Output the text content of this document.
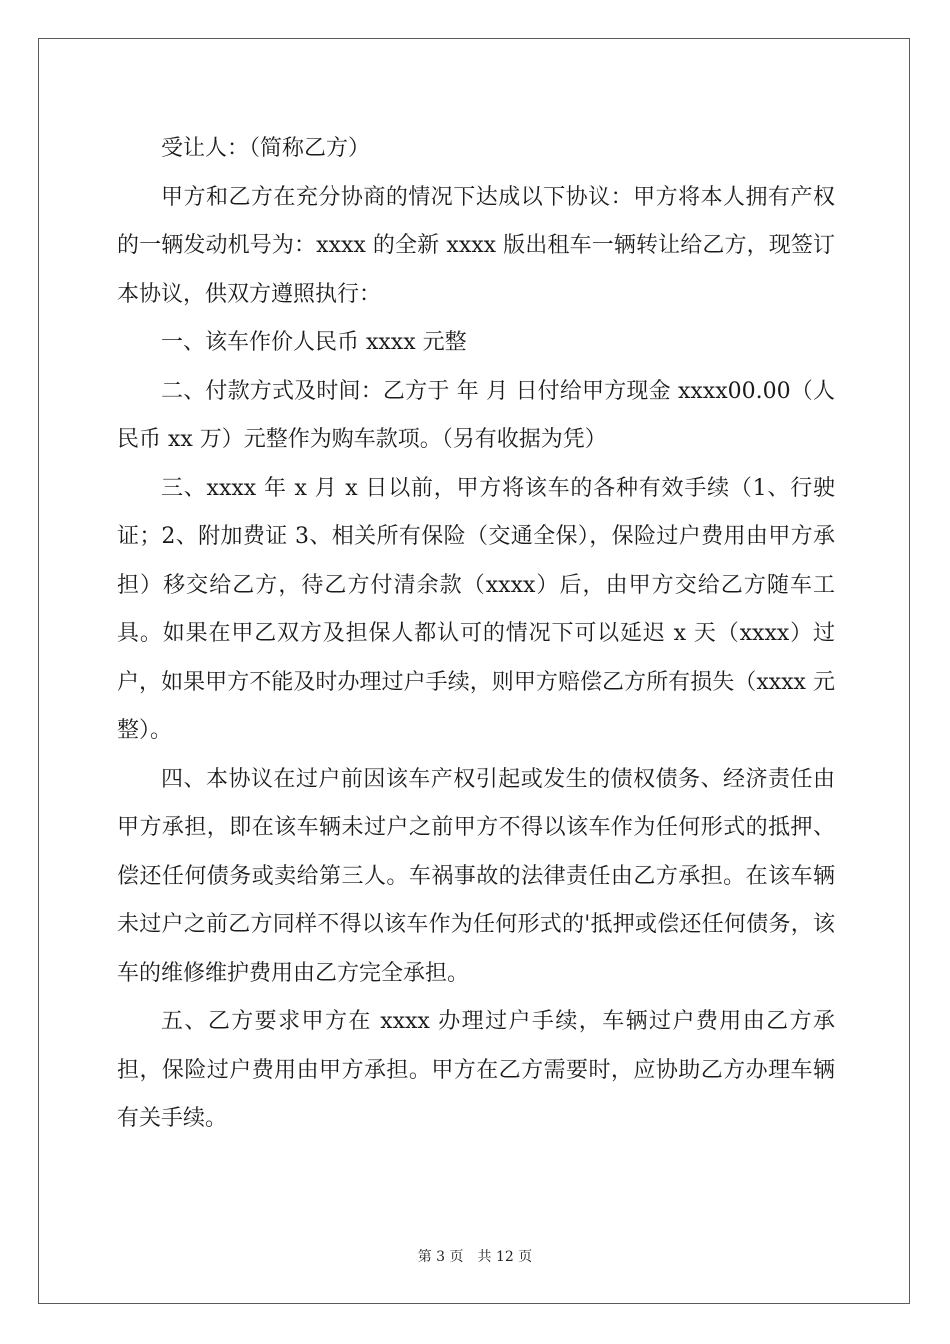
受让人：（简称乙方）

甲方和乙方在充分协商的情况下达成以下协议：甲方将本人拥有产权的一辆发动机号为：xxxx 的全新 xxxx 版出租车一辆转让给乙方，现签订本协议，供双方遵照执行：

一、该车作价人民币 xxxx 元整

二、付款方式及时间：乙方于 年 月 日付给甲方现金 xxxx00.00（人民币 xx 万）元整作为购车款项。（另有收据为凭）

三、xxxx 年 x 月 x 日以前，甲方将该车的各种有效手续（1、行驶证；2、附加费证 3、相关所有保险（交通全保），保险过户费用由甲方承担）移交给乙方，待乙方付清余款（xxxx）后，由甲方交给乙方随车工具。如果在甲乙双方及担保人都认可的情况下可以延迟 x 天（xxxx）过户，如果甲方不能及时办理过户手续，则甲方赔偿乙方所有损失（xxxx 元整）。

四、本协议在过户前因该车产权引起或发生的债权债务、经济责任由甲方承担，即在该车辆未过户之前甲方不得以该车作为任何形式的抵押、偿还任何债务或卖给第三人。车祸事故的法律责任由乙方承担。在该车辆未过户之前乙方同样不得以该车作为任何形式的'抵押或偿还任何债务，该车的维修维护费用由乙方完全承担。

五、乙方要求甲方在 xxxx 办理过户手续，车辆过户费用由乙方承担，保险过户费用由甲方承担。甲方在乙方需要时，应协助乙方办理车辆有关手续。

第 3 页 共 12 页
